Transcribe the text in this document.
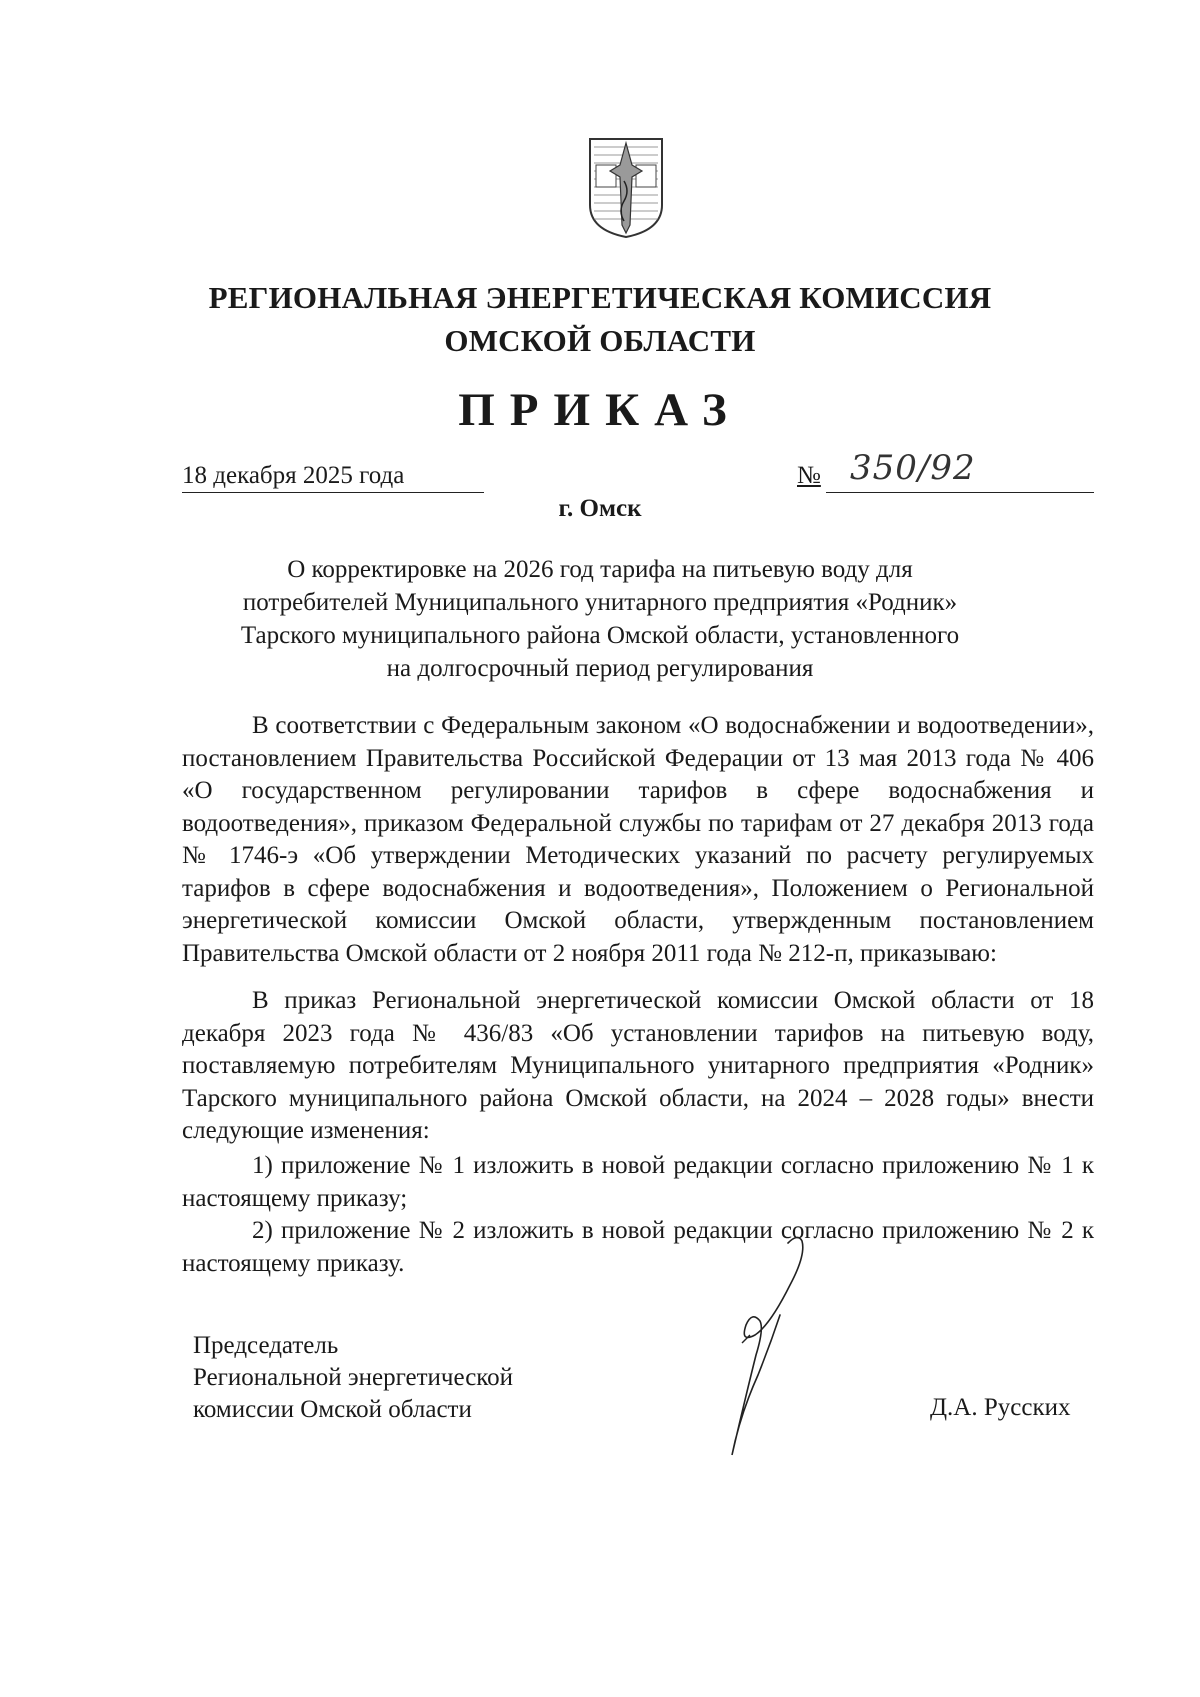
РЕГИОНАЛЬНАЯ ЭНЕРГЕТИЧЕСКАЯ КОМИССИЯ
ОМСКОЙ ОБЛАСТИ
ПРИКАЗ
18 декабря 2025 года	№ 350/92
г. Омск
О корректировке на 2026 год тарифа на питьевую воду для
потребителей Муниципального унитарного предприятия «Родник»
Тарского муниципального района Омской области, установленного
на долгосрочный период регулирования
В соответствии с Федеральным законом «О водоснабжении и водоотведении», постановлением Правительства Российской Федерации от 13 мая 2013 года № 406 «О государственном регулировании тарифов в сфере водоснабжения и водоотведения», приказом Федеральной службы по тарифам от 27 декабря 2013 года № 1746-э «Об утверждении Методических указаний по расчету регулируемых тарифов в сфере водоснабжения и водоотведения», Положением о Региональной энергетической комиссии Омской области, утвержденным постановлением Правительства Омской области от 2 ноября 2011 года № 212-п, приказываю:
В приказ Региональной энергетической комиссии Омской области от 18 декабря 2023 года № 436/83 «Об установлении тарифов на питьевую воду, поставляемую потребителям Муниципального унитарного предприятия «Родник» Тарского муниципального района Омской области, на 2024 – 2028 годы» внести следующие изменения:
1) приложение № 1 изложить в новой редакции согласно приложению № 1 к настоящему приказу;
2) приложение № 2 изложить в новой редакции согласно приложению № 2 к настоящему приказу.
Председатель
Региональной энергетической
комиссии Омской области	Д.А. Русских
